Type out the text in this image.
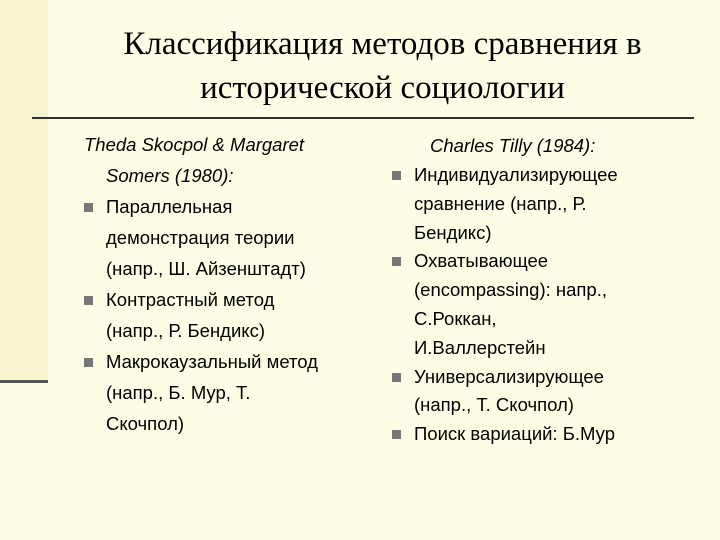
Классификация методов сравнения в
исторической социологии
Theda Skocpol & Margaret
Somers (1980):
Параллельная
демонстрация теории
(напр., Ш. Айзенштадт)
Контрастный метод
(напр., Р. Бендикс)
Макрокаузальный метод
(напр., Б. Мур, Т.
Скочпол)
Charles Tilly (1984):
Индивидуализирующее
сравнение (напр., Р.
Бендикс)
Охватывающее
(encompassing): напр.,
С.Роккан,
И.Валлерстейн
Универсализирующее
(напр., Т. Скочпол)
Поиск вариаций: Б.Мур
